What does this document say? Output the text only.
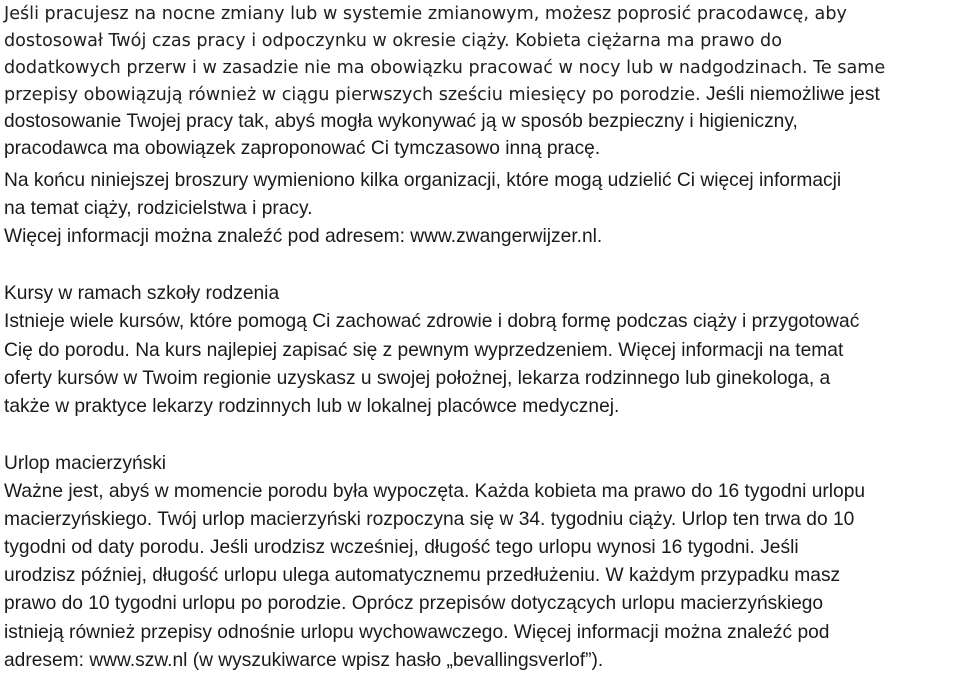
Jeśli pracujesz na nocne zmiany lub w systemie zmianowym, możesz poprosić pracodawcę, aby
dostosował Twój czas pracy i odpoczynku w okresie ciąży. Kobieta ciężarna ma prawo do
dodatkowych przerw i w zasadzie nie ma obowiązku pracować w nocy lub w nadgodzinach. Te same
przepisy obowiązują również w ciągu pierwszych sześciu miesięcy po porodzie. Jeśli niemożliwe jest
dostosowanie Twojej pracy tak, abyś mogła wykonywać ją w sposób bezpieczny i higieniczny,
pracodawca ma obowiązek zaproponować Ci tymczasowo inną pracę.
Na końcu niniejszej broszury wymieniono kilka organizacji, które mogą udzielić Ci więcej informacji
na temat ciąży, rodzicielstwa i pracy.
Więcej informacji można znaleźć pod adresem: www.zwangerwijzer.nl.
Kursy w ramach szkoły rodzenia
Istnieje wiele kursów, które pomogą Ci zachować zdrowie i dobrą formę podczas ciąży i przygotować
Cię do porodu. Na kurs najlepiej zapisać się z pewnym wyprzedzeniem. Więcej informacji na temat
oferty kursów w Twoim regionie uzyskasz u swojej położnej, lekarza rodzinnego lub ginekologa, a
także w praktyce lekarzy rodzinnych lub w lokalnej placówce medycznej.
Urlop macierzyński
Ważne jest, abyś w momencie porodu była wypoczęta. Każda kobieta ma prawo do 16 tygodni urlopu
macierzyńskiego. Twój urlop macierzyński rozpoczyna się w 34. tygodniu ciąży. Urlop ten trwa do 10
tygodni od daty porodu. Jeśli urodzisz wcześniej, długość tego urlopu wynosi 16 tygodni. Jeśli
urodzisz później, długość urlopu ulega automatycznemu przedłużeniu. W każdym przypadku masz
prawo do 10 tygodni urlopu po porodzie. Oprócz przepisów dotyczących urlopu macierzyńskiego
istnieją również przepisy odnośnie urlopu wychowawczego. Więcej informacji można znaleźć pod
adresem: www.szw.nl (w wyszukiwarce wpisz hasło „bevallingsverlof”).
